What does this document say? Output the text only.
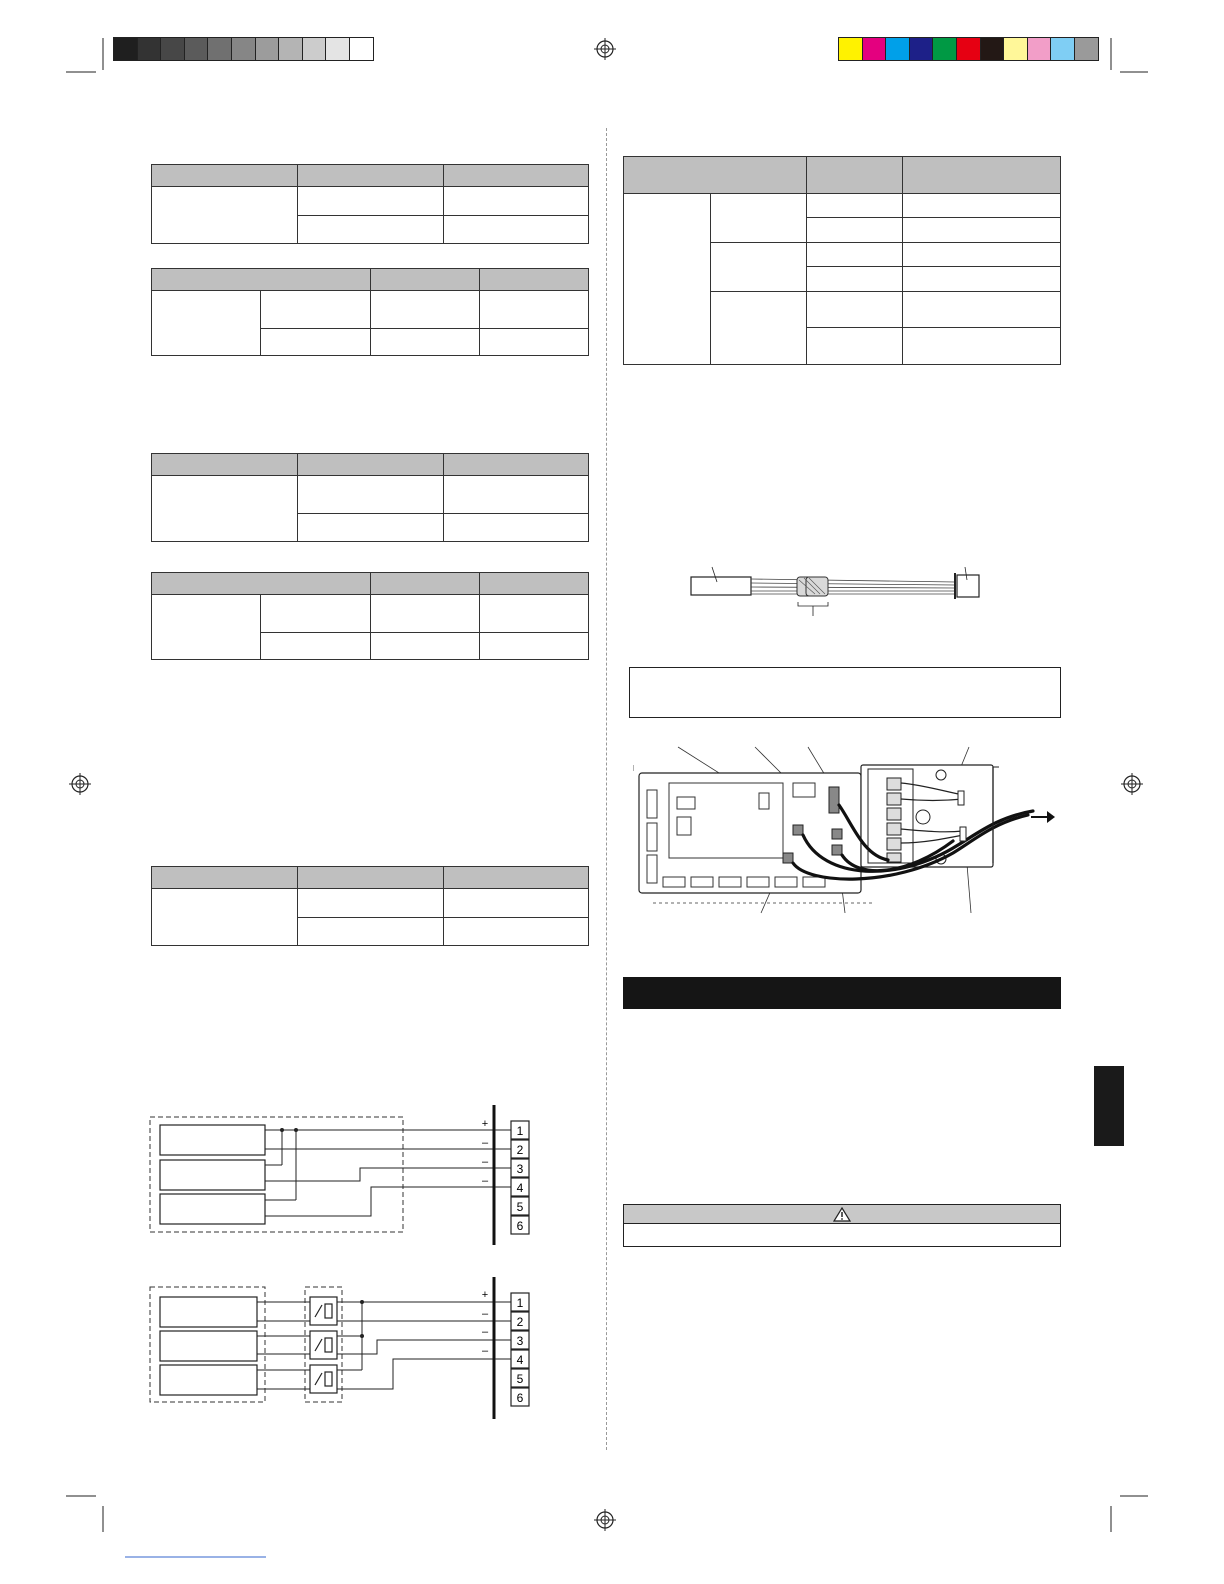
+
–
–
–
1
2
3
4
5
6
+
–
–
–
1
2
3
4
5
6
